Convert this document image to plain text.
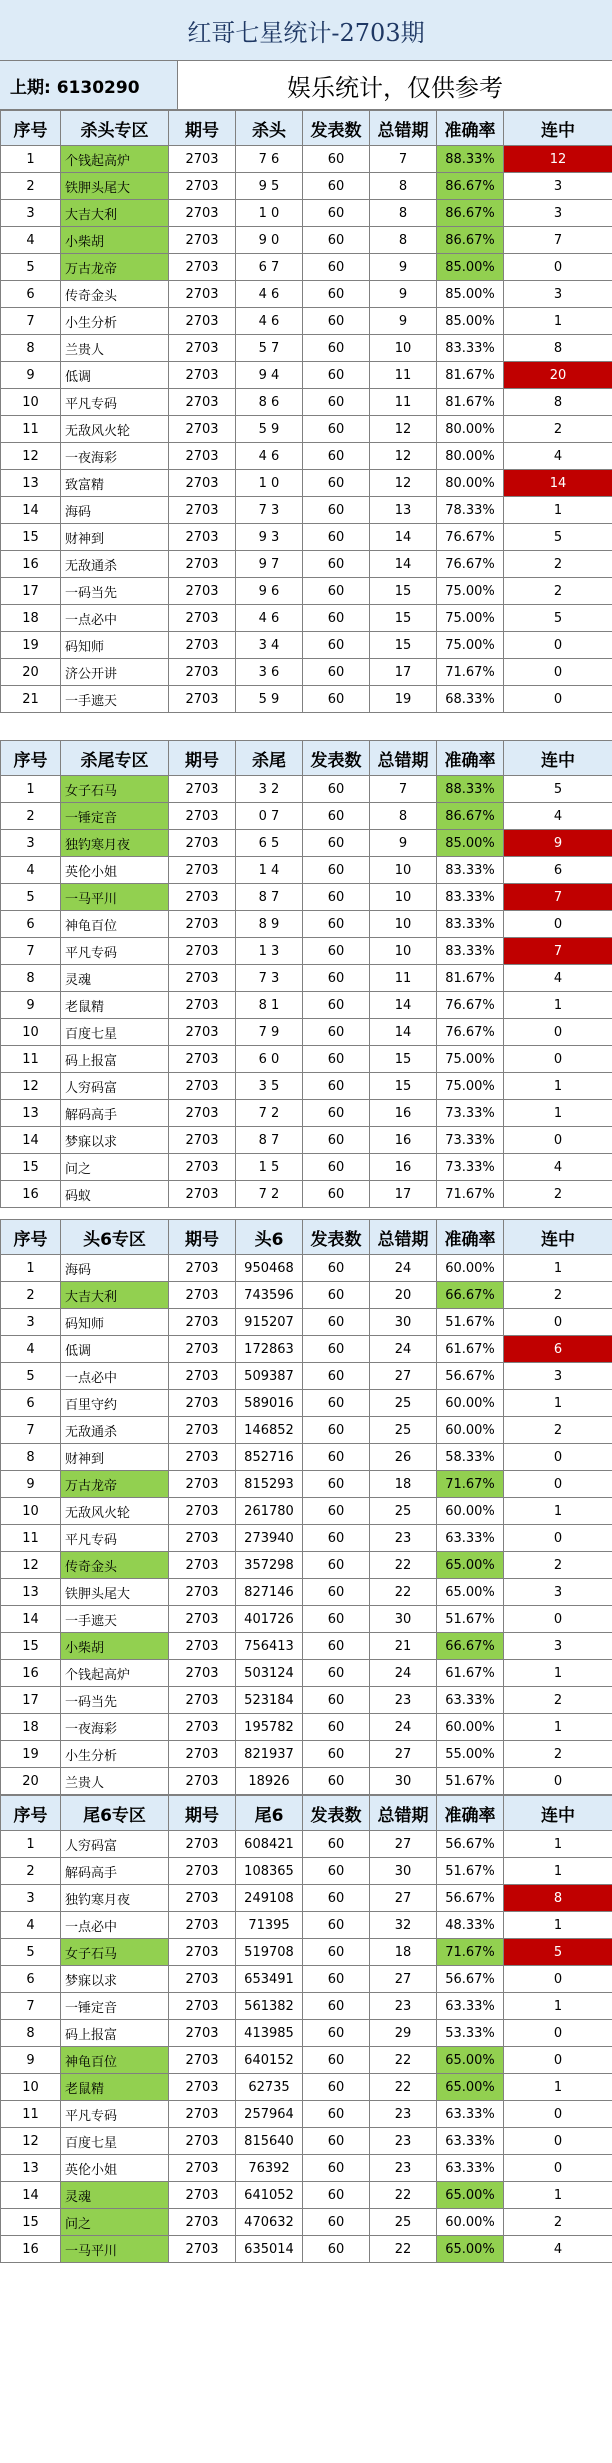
红哥七星统计-2703期
上期: 6130290	娱乐统计，仅供参考
序号	杀头专区	期号	杀头	发表数	总错期	准确率	连中
1	个钱起高炉	2703	7 6	60	7	88.33%	12
2	铁胛头尾大	2703	9 5	60	8	86.67%	3
3	大吉大利	2703	1 0	60	8	86.67%	3
4	小柴胡	2703	9 0	60	8	86.67%	7
5	万古龙帝	2703	6 7	60	9	85.00%	0
6	传奇金头	2703	4 6	60	9	85.00%	3
7	小生分析	2703	4 6	60	9	85.00%	1
8	兰贵人	2703	5 7	60	10	83.33%	8
9	低调	2703	9 4	60	11	81.67%	20
10	平凡专码	2703	8 6	60	11	81.67%	8
11	无敌风火轮	2703	5 9	60	12	80.00%	2
12	一夜海彩	2703	4 6	60	12	80.00%	4
13	致富精	2703	1 0	60	12	80.00%	14
14	海码	2703	7 3	60	13	78.33%	1
15	财神到	2703	9 3	60	14	76.67%	5
16	无敌通杀	2703	9 7	60	14	76.67%	2
17	一码当先	2703	9 6	60	15	75.00%	2
18	一点必中	2703	4 6	60	15	75.00%	5
19	码知师	2703	3 4	60	15	75.00%	0
20	济公开讲	2703	3 6	60	17	71.67%	0
21	一手遮天	2703	5 9	60	19	68.33%	0
序号	杀尾专区	期号	杀尾	发表数	总错期	准确率	连中
1	女子石马	2703	3 2	60	7	88.33%	5
2	一锤定音	2703	0 7	60	8	86.67%	4
3	独钓寒月夜	2703	6 5	60	9	85.00%	9
4	英伦小姐	2703	1 4	60	10	83.33%	6
5	一马平川	2703	8 7	60	10	83.33%	7
6	神龟百位	2703	8 9	60	10	83.33%	0
7	平凡专码	2703	1 3	60	10	83.33%	7
8	灵魂	2703	7 3	60	11	81.67%	4
9	老鼠精	2703	8 1	60	14	76.67%	1
10	百度七星	2703	7 9	60	14	76.67%	0
11	码上报富	2703	6 0	60	15	75.00%	0
12	人穷码富	2703	3 5	60	15	75.00%	1
13	解码高手	2703	7 2	60	16	73.33%	1
14	梦寐以求	2703	8 7	60	16	73.33%	0
15	问之	2703	1 5	60	16	73.33%	4
16	码蚁	2703	7 2	60	17	71.67%	2
序号	头6专区	期号	头6	发表数	总错期	准确率	连中
1	海码	2703	950468	60	24	60.00%	1
2	大吉大利	2703	743596	60	20	66.67%	2
3	码知师	2703	915207	60	30	51.67%	0
4	低调	2703	172863	60	24	61.67%	6
5	一点必中	2703	509387	60	27	56.67%	3
6	百里守约	2703	589016	60	25	60.00%	1
7	无敌通杀	2703	146852	60	25	60.00%	2
8	财神到	2703	852716	60	26	58.33%	0
9	万古龙帝	2703	815293	60	18	71.67%	0
10	无敌风火轮	2703	261780	60	25	60.00%	1
11	平凡专码	2703	273940	60	23	63.33%	0
12	传奇金头	2703	357298	60	22	65.00%	2
13	铁胛头尾大	2703	827146	60	22	65.00%	3
14	一手遮天	2703	401726	60	30	51.67%	0
15	小柴胡	2703	756413	60	21	66.67%	3
16	个钱起高炉	2703	503124	60	24	61.67%	1
17	一码当先	2703	523184	60	23	63.33%	2
18	一夜海彩	2703	195782	60	24	60.00%	1
19	小生分析	2703	821937	60	27	55.00%	2
20	兰贵人	2703	18926	60	30	51.67%	0
序号	尾6专区	期号	尾6	发表数	总错期	准确率	连中
1	人穷码富	2703	608421	60	27	56.67%	1
2	解码高手	2703	108365	60	30	51.67%	1
3	独钓寒月夜	2703	249108	60	27	56.67%	8
4	一点必中	2703	71395	60	32	48.33%	1
5	女子石马	2703	519708	60	18	71.67%	5
6	梦寐以求	2703	653491	60	27	56.67%	0
7	一锤定音	2703	561382	60	23	63.33%	1
8	码上报富	2703	413985	60	29	53.33%	0
9	神龟百位	2703	640152	60	22	65.00%	0
10	老鼠精	2703	62735	60	22	65.00%	1
11	平凡专码	2703	257964	60	23	63.33%	0
12	百度七星	2703	815640	60	23	63.33%	0
13	英伦小姐	2703	76392	60	23	63.33%	0
14	灵魂	2703	641052	60	22	65.00%	1
15	问之	2703	470632	60	25	60.00%	2
16	一马平川	2703	635014	60	22	65.00%	4
